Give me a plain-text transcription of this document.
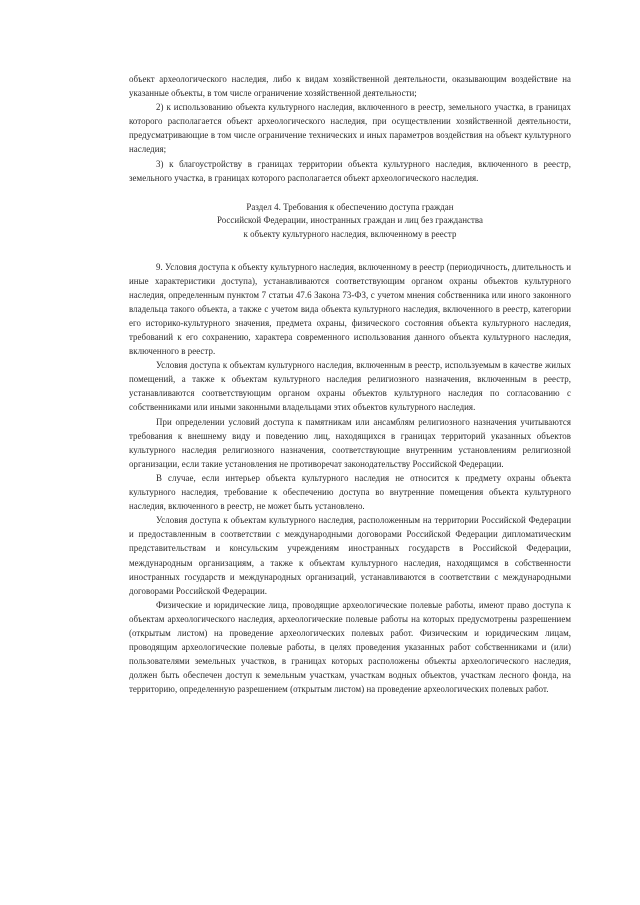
объект археологического наследия, либо к видам хозяйственной деятельности, оказывающим воздействие на указанные объекты, в том числе ограничение хозяйственной деятельности;

2) к использованию объекта культурного наследия, включенного в реестр, земельного участка, в границах которого располагается объект археологического наследия, при осуществлении хозяйственной деятельности, предусматривающие в том числе ограничение технических и иных параметров воздействия на объект культурного наследия;

3) к благоустройству в границах территории объекта культурного наследия, включенного в реестр, земельного участка, в границах которого располагается объект археологического наследия.

Раздел 4. Требования к обеспечению доступа граждан
Российской Федерации, иностранных граждан и лиц без гражданства
к объекту культурного наследия, включенному в реестр

9. Условия доступа к объекту культурного наследия, включенному в реестр (периодичность, длительность и иные характеристики доступа), устанавливаются соответствующим органом охраны объектов культурного наследия, определенным пунктом 7 статьи 47.6 Закона 73-ФЗ, с учетом мнения собственника или иного законного владельца такого объекта, а также с учетом вида объекта культурного наследия, включенного в реестр, категории его историко-культурного значения, предмета охраны, физического состояния объекта культурного наследия, требований к его сохранению, характера современного использования данного объекта культурного наследия, включенного в реестр.

Условия доступа к объектам культурного наследия, включенным в реестр, используемым в качестве жилых помещений, а также к объектам культурного наследия религиозного назначения, включенным в реестр, устанавливаются соответствующим органом охраны объектов культурного наследия по согласованию с собственниками или иными законными владельцами этих объектов культурного наследия.

При определении условий доступа к памятникам или ансамблям религиозного назначения учитываются требования к внешнему виду и поведению лиц, находящихся в границах территорий указанных объектов культурного наследия религиозного назначения, соответствующие внутренним установлениям религиозной организации, если такие установления не противоречат законодательству Российской Федерации.

В случае, если интерьер объекта культурного наследия не относится к предмету охраны объекта культурного наследия, требование к обеспечению доступа во внутренние помещения объекта культурного наследия, включенного в реестр, не может быть установлено.

Условия доступа к объектам культурного наследия, расположенным на территории Российской Федерации и предоставленным в соответствии с международными договорами Российской Федерации дипломатическим представительствам и консульским учреждениям иностранных государств в Российской Федерации, международным организациям, а также к объектам культурного наследия, находящимся в собственности иностранных государств и международных организаций, устанавливаются в соответствии с международными договорами Российской Федерации.

Физические и юридические лица, проводящие археологические полевые работы, имеют право доступа к объектам археологического наследия, археологические полевые работы на которых предусмотрены разрешением (открытым листом) на проведение археологических полевых работ. Физическим и юридическим лицам, проводящим археологические полевые работы, в целях проведения указанных работ собственниками и (или) пользователями земельных участков, в границах которых расположены объекты археологического наследия, должен быть обеспечен доступ к земельным участкам, участкам водных объектов, участкам лесного фонда, на территорию, определенную разрешением (открытым листом) на проведение археологических полевых работ.
